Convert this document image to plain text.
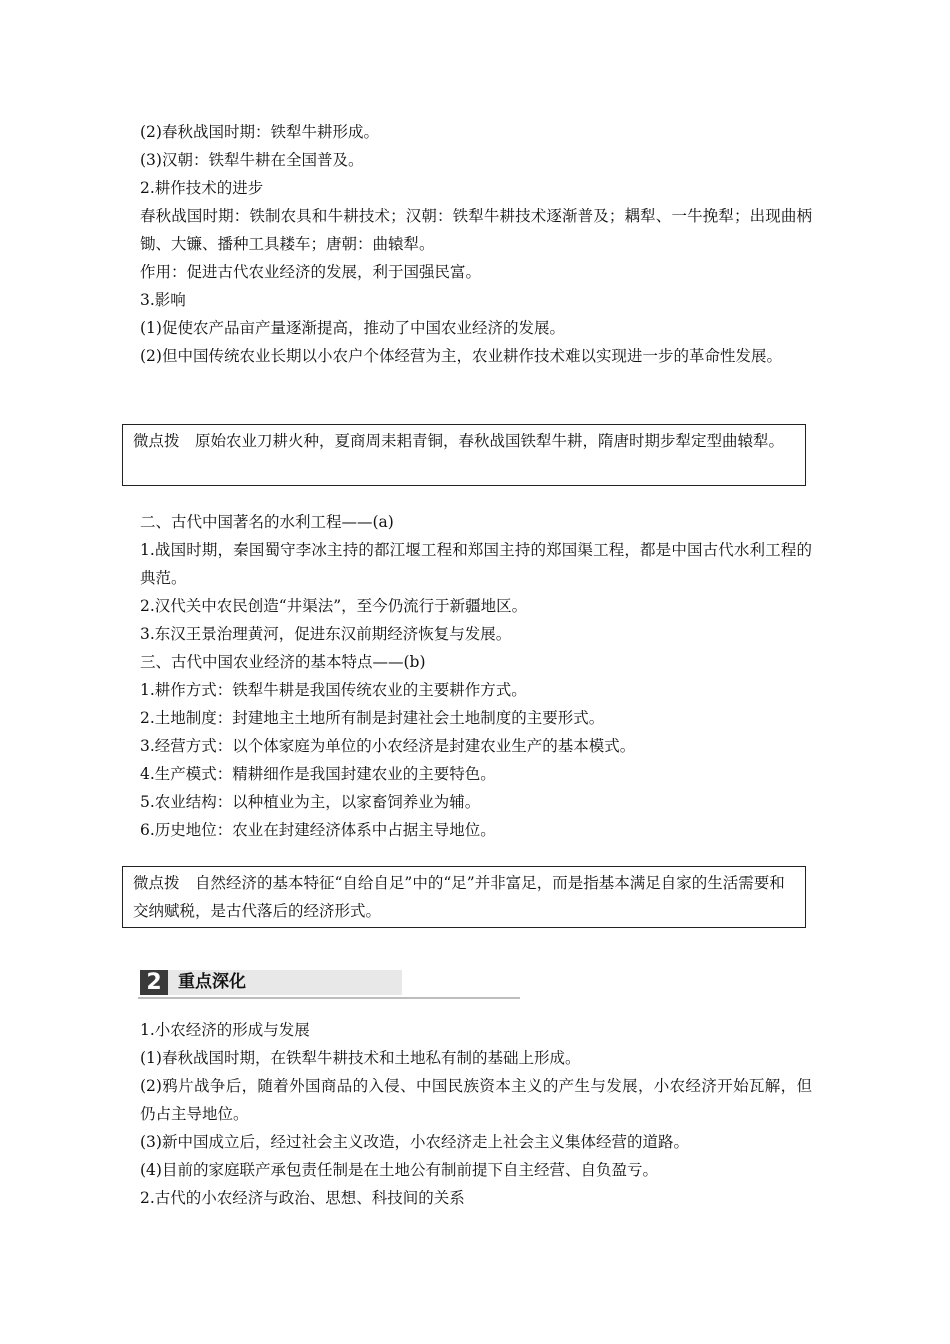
(2)春秋战国时期：铁犁牛耕形成。
(3)汉朝：铁犁牛耕在全国普及。
2.耕作技术的进步
春秋战国时期：铁制农具和牛耕技术；汉朝：铁犁牛耕技术逐渐普及；耦犁、一牛挽犁；出现曲柄锄、大镰、播种工具耧车；唐朝：曲辕犁。
作用：促进古代农业经济的发展，利于国强民富。
3.影响
(1)促使农产品亩产量逐渐提高，推动了中国农业经济的发展。
(2)但中国传统农业长期以小农户个体经营为主，农业耕作技术难以实现进一步的革命性发展。
微点拨　原始农业刀耕火种，夏商周耒耜青铜，春秋战国铁犁牛耕，隋唐时期步犁定型曲辕犁。
二、古代中国著名的水利工程——(a)
1.战国时期，秦国蜀守李冰主持的都江堰工程和郑国主持的郑国渠工程，都是中国古代水利工程的典范。
2.汉代关中农民创造“井渠法”，至今仍流行于新疆地区。
3.东汉王景治理黄河，促进东汉前期经济恢复与发展。
三、古代中国农业经济的基本特点——(b)
1.耕作方式：铁犁牛耕是我国传统农业的主要耕作方式。
2.土地制度：封建地主土地所有制是封建社会土地制度的主要形式。
3.经营方式：以个体家庭为单位的小农经济是封建农业生产的基本模式。
4.生产模式：精耕细作是我国封建农业的主要特色。
5.农业结构：以种植业为主，以家畜饲养业为辅。
6.历史地位：农业在封建经济体系中占据主导地位。
微点拨　自然经济的基本特征“自给自足”中的“足”并非富足，而是指基本满足自家的生活需要和交纳赋税，是古代落后的经济形式。
2 重点深化
1.小农经济的形成与发展
(1)春秋战国时期，在铁犁牛耕技术和土地私有制的基础上形成。
(2)鸦片战争后，随着外国商品的入侵、中国民族资本主义的产生与发展，小农经济开始瓦解，但仍占主导地位。
(3)新中国成立后，经过社会主义改造，小农经济走上社会主义集体经营的道路。
(4)目前的家庭联产承包责任制是在土地公有制前提下自主经营、自负盈亏。
2.古代的小农经济与政治、思想、科技间的关系
